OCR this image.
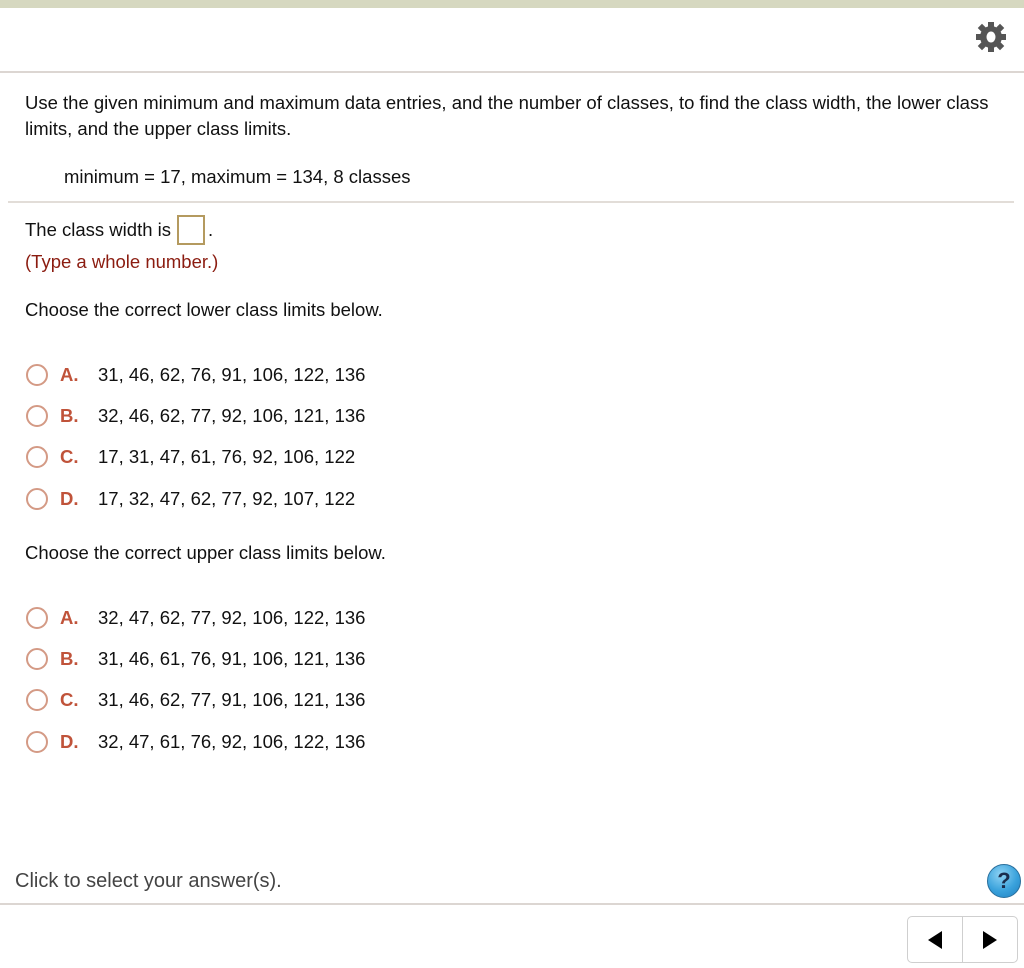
Use the given minimum and maximum data entries, and the number of classes, to find the class width, the lower class limits, and the upper class limits.
minimum = 17, maximum = 134, 8 classes
The class width is .
(Type a whole number.)
Choose the correct lower class limits below.
A.	31, 46, 62, 76, 91, 106, 122, 136
B.	32, 46, 62, 77, 92, 106, 121, 136
C.	17, 31, 47, 61, 76, 92, 106, 122
D.	17, 32, 47, 62, 77, 92, 107, 122
Choose the correct upper class limits below.
A.	32, 47, 62, 77, 92, 106, 122, 136
B.	31, 46, 61, 76, 91, 106, 121, 136
C.	31, 46, 62, 77, 91, 106, 121, 136
D.	32, 47, 61, 76, 92, 106, 122, 136
Click to select your answer(s).	?
